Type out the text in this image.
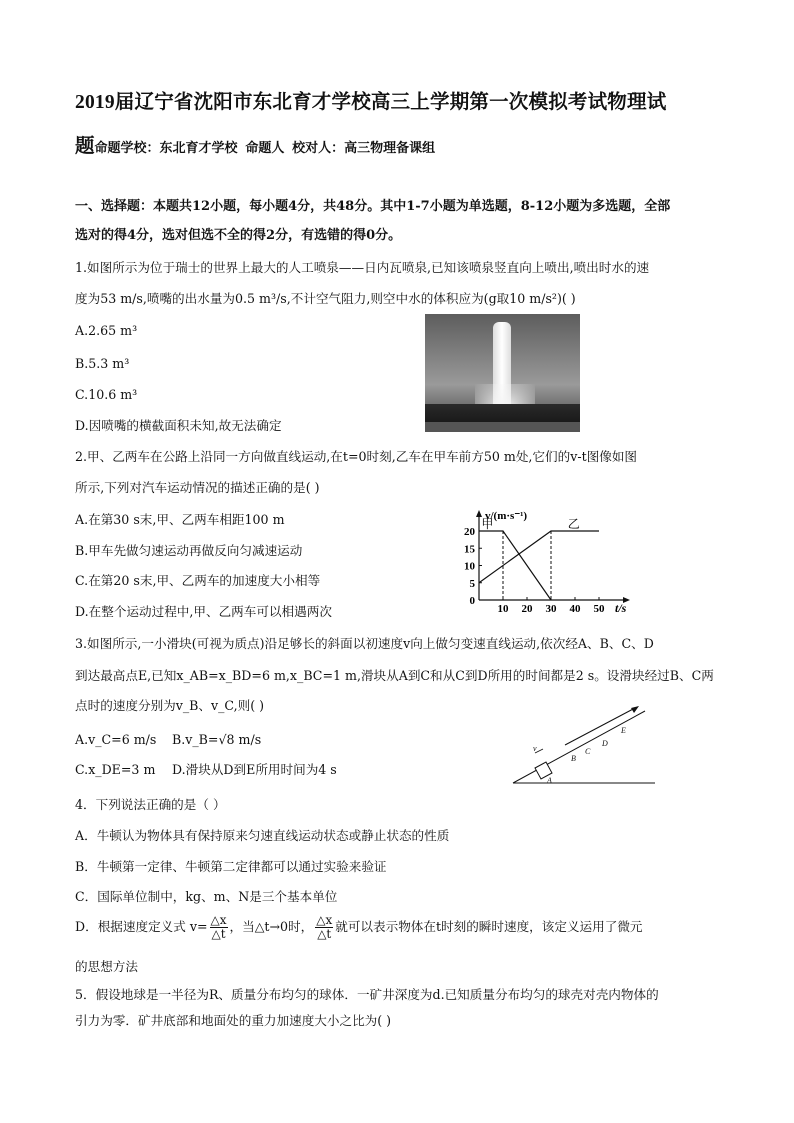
2019届辽宁省沈阳市东北育才学校高三上学期第一次模拟考试物理试
题命题学校：东北育才学校 命题人 校对人：高三物理备课组
一、选择题：本题共12小题，每小题4分，共48分。其中1-7小题为单选题，8-12小题为多选题，全部
选对的得4分，选对但选不全的得2分，有选错的得0分。
1.如图所示为位于瑞士的世界上最大的人工喷泉——日内瓦喷泉,已知该喷泉竖直向上喷出,喷出时水的速
度为53 m/s,喷嘴的出水量为0.5 m³/s,不计空气阻力,则空中水的体积应为(g取10 m/s²)( )
A.2.65 m³
B.5.3 m³
C.10.6 m³
D.因喷嘴的横截面积未知,故无法确定
2.甲、乙两车在公路上沿同一方向做直线运动,在t=0时刻,乙车在甲车前方50 m处,它们的v-t图像如图
所示,下列对汽车运动情况的描述正确的是( )
A.在第30 s末,甲、乙两车相距100 m
B.甲车先做匀速运动再做反向匀减速运动
C.在第20 s末,甲、乙两车的加速度大小相等
D.在整个运动过程中,甲、乙两车可以相遇两次
v/(m·s⁻¹)
t/s
0
5
10
15
20
10 20 30 40 50
甲	乙
3.如图所示,一小滑块(可视为质点)沿足够长的斜面以初速度v向上做匀变速直线运动,依次经A、B、C、D
到达最高点E,已知x_AB=x_BD=6 m,x_BC=1 m,滑块从A到C和从C到D所用的时间都是2 s。设滑块经过B、C两
点时的速度分别为v_B、v_C,则( )
A.v_C=6 m/s B.v_B=√8 m/s
C.x_DE=3 m D.滑块从D到E所用时间为4 s
v
A
B
C
D
E
4．下列说法正确的是（ ）
A．牛顿认为物体具有保持原来匀速直线运动状态或静止状态的性质
B．牛顿第一定律、牛顿第二定律都可以通过实验来验证
C．国际单位制中，kg、m、N是三个基本单位
D．根据速度定义式 $v= \frac{\triangle x}{\triangle t}$ ，当△t→0时， $\frac{\triangle x}{\triangle t}$ 就可以表示物体在t时刻的瞬时速度，该定义运用了微元
的思想方法
5．假设地球是一半径为R、质量分布均匀的球体．一矿井深度为d.已知质量分布均匀的球壳对壳内物体的
引力为零．矿井底部和地面处的重力加速度大小之比为( )
